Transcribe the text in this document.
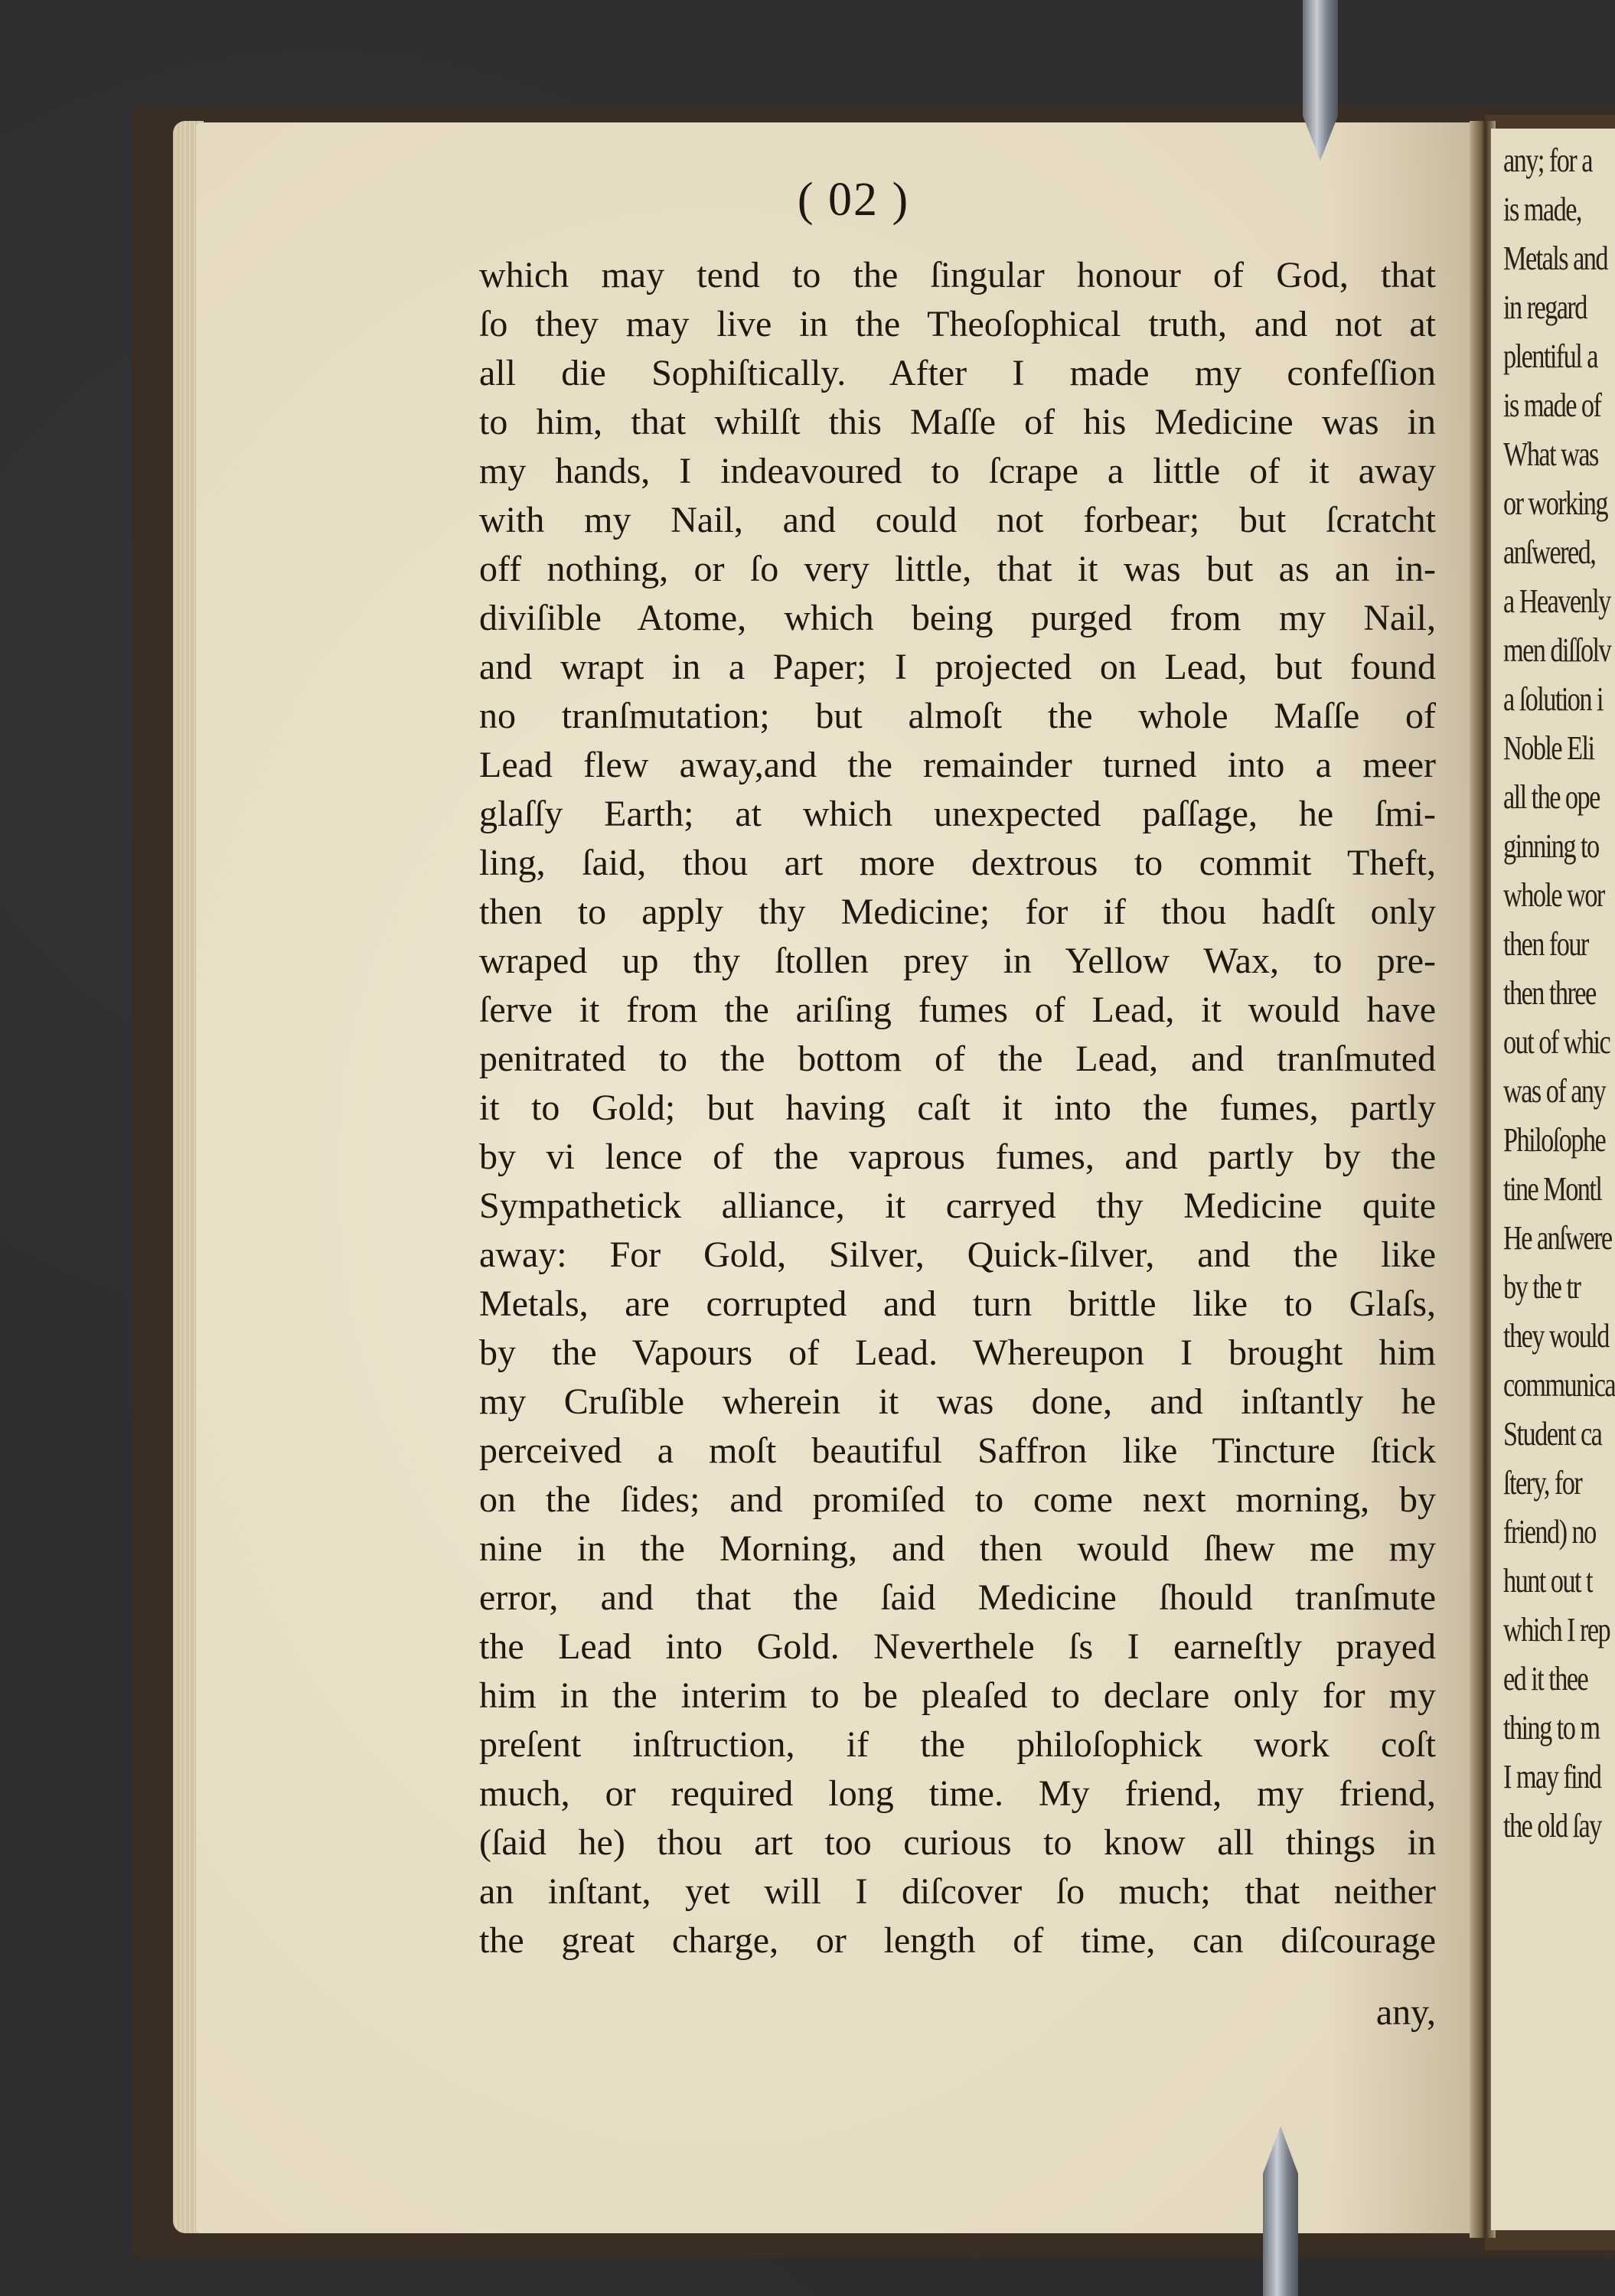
any; for a
is made,
Metals and
in regard
plentiful a
is made of
What was
or working
anſwered,
a Heavenly
men diſſolv
a ſolution i
Noble Eli
all the ope
ginning to
whole wor
then four
then three
out of whic
was of any
Philoſophe
tine Montl
He anſwere
by the tr
they would
communica
Student ca
ſtery, for
friend) no
hunt out t
which I rep
ed it thee
thing to m
I may find
the old ſay
( 02 )
which may tend to the ſingular honour of God, that
ſo they may live in the Theoſophical truth, and not at
all die Sophiſtically. After I made my confeſſion
to him, that whilſt this Maſſe of his Medicine was in
my hands, I indeavoured to ſcrape a little of it away
with my Nail, and could not forbear; but ſcratcht
off nothing, or ſo very little, that it was but as an in-
diviſible Atome, which being purged from my Nail,
and wrapt in a Paper; I projected on Lead, but found
no tranſmutation; but almoſt the whole Maſſe of
Lead flew away,and the remainder turned into a meer
glaſſy Earth; at which unexpected paſſage, he ſmi-
ling, ſaid, thou art more dextrous to commit Theft,
then to apply thy Medicine; for if thou hadſt only
wraped up thy ſtollen prey in Yellow Wax, to pre-
ſerve it from the ariſing fumes of Lead, it would have
penitrated to the bottom of the Lead, and tranſmuted
it to Gold; but having caſt it into the fumes, partly
by vi lence of the vaprous fumes, and partly by the
Sympathetick alliance, it carryed thy Medicine quite
away: For Gold, Silver, Quick-ſilver, and the like
Metals, are corrupted and turn brittle like to Glaſs,
by the Vapours of Lead. Whereupon I brought him
my Cruſible wherein it was done, and inſtantly he
perceived a moſt beautiful Saffron like Tincture ſtick
on the ſides; and promiſed to come next morning, by
nine in the Morning, and then would ſhew me my
error, and that the ſaid Medicine ſhould tranſmute
the Lead into Gold. Neverthele ſs I earneſtly prayed
him in the interim to be pleaſed to declare only for my
preſent inſtruction, if the philoſophick work coſt
much, or required long time. My friend, my friend,
(ſaid he) thou art too curious to know all things in
an inſtant, yet will I diſcover ſo much; that neither
the great charge, or length of time, can diſcourage
any,
